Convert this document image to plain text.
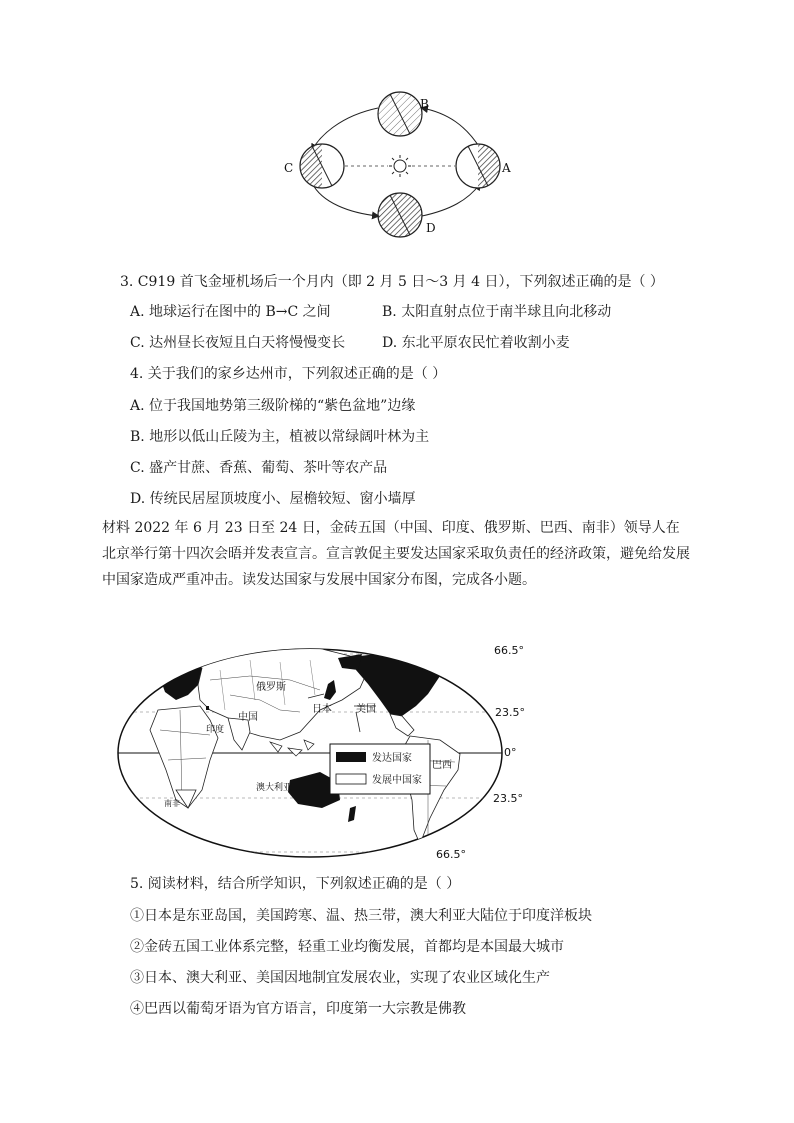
B
C	A
D
3. C919 首飞金垭机场后一个月内（即 2 月 5 日～3 月 4 日），下列叙述正确的是（ ）
A. 地球运行在图中的 B→C 之间	B. 太阳直射点位于南半球且向北移动
C. 达州昼长夜短且白天将慢慢变长	D. 东北平原农民忙着收割小麦
4. 关于我们的家乡达州市，下列叙述正确的是（ ）
A. 位于我国地势第三级阶梯的“紫色盆地”边缘
B. 地形以低山丘陵为主，植被以常绿阔叶林为主
C. 盛产甘蔗、香蕉、葡萄、茶叶等农产品
D. 传统民居屋顶坡度小、屋檐较短、窗小墙厚
材料 2022 年 6 月 23 日至 24 日，金砖五国（中国、印度、俄罗斯、巴西、南非）领导人在北京举行第十四次会晤并发表宣言。宣言敦促主要发达国家采取负责任的经济政策，避免给发展中国家造成严重冲击。读发达国家与发展中国家分布图，完成各小题。
俄罗斯
中国
日本 美国
印度
巴西
澳大利亚
南非
66.5°
23.5°
0°
23.5°
66.5°
发达国家
发展中国家
5. 阅读材料，结合所学知识，下列叙述正确的是（ ）
①日本是东亚岛国，美国跨寒、温、热三带，澳大利亚大陆位于印度洋板块
②金砖五国工业体系完整，轻重工业均衡发展，首都均是本国最大城市
③日本、澳大利亚、美国因地制宜发展农业，实现了农业区域化生产
④巴西以葡萄牙语为官方语言，印度第一大宗教是佛教
